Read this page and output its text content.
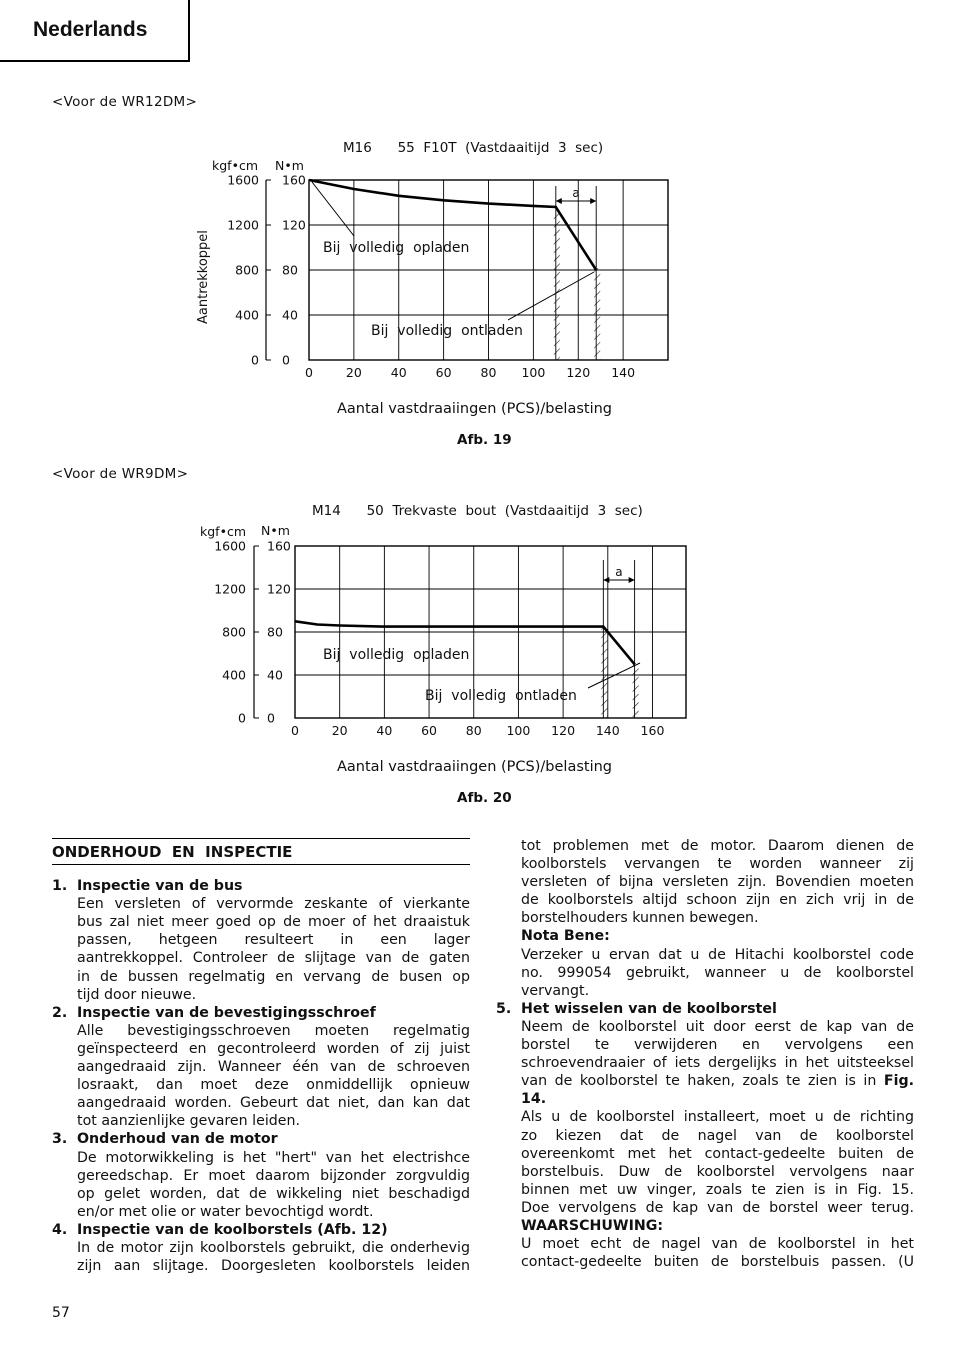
Nederlands
<Voor de WR12DM>
M16      55  F10T  (Vastdaaitijd  3  sec)
kgf•cm N•m
Aantrekkoppel
0
0
40
400
80
800
120
1200
160
1600
0	20 40 60 80 100 120 140
Bij  volledig  opladen
Bij  volledig  ontladen
a
Aantal vastdraaiingen (PCS)/belasting
Afb. 19
<Voor de WR9DM>
M14      50  Trekvaste  bout  (Vastdaaitijd  3  sec)
kgf•cm N•m
0
0
40
400
80
800
120
1200
160
1600
0	20 40 60 80 100 120 140 160
Bij  volledig  opladen
Bij  volledig  ontladen
a
Aantal vastdraaiingen (PCS)/belasting
Afb. 20
ONDERHOUD  EN  INSPECTIE
1. Inspectie van de bus
Een versleten of vervormde zeskante of vierkante
bus zal niet meer goed op de moer of het draaistuk
passen, hetgeen resulteert in een lager
aantrekkoppel. Controleer de slijtage van de gaten
in de bussen regelmatig en vervang de busen op
tijd door nieuwe.
2. Inspectie van de bevestigingsschroef
Alle bevestigingsschroeven moeten regelmatig
geïnspecteerd en gecontroleerd worden of zij juist
aangedraaid zijn. Wanneer één van de schroeven
losraakt, dan moet deze onmiddellijk opnieuw
aangedraaid worden. Gebeurt dat niet, dan kan dat
tot aanzienlijke gevaren leiden.
3. Onderhoud van de motor
De motorwikkeling is het "hert" van het electrishce
gereedschap. Er moet daarom bijzonder zorgvuldig
op gelet worden, dat de wikkeling niet beschadigd
en/or met olie or water bevochtigd wordt.
4. Inspectie van de koolborstels (Afb. 12)
In de motor zijn koolborstels gebruikt, die onderhevig
zijn aan slijtage. Doorgesleten koolborstels leiden
tot problemen met de motor. Daarom dienen de
koolborstels vervangen te worden wanneer zij
versleten of bijna versleten zijn. Bovendien moeten
de koolborstels altijd schoon zijn en zich vrij in de
borstelhouders kunnen bewegen.
Nota Bene:
Verzeker u ervan dat u de Hitachi koolborstel code
no. 999054 gebruikt, wanneer u de koolborstel
vervangt.
5. Het wisselen van de koolborstel
Neem de koolborstel uit door eerst de kap van de
borstel te verwijderen en vervolgens een
schroevendraaier of iets dergelijks in het uitsteeksel
van de koolborstel te haken, zoals te zien is in Fig.
14.
Als u de koolborstel installeert, moet u de richting
zo kiezen dat de nagel van de koolborstel
overeenkomt met het contact-gedeelte buiten de
borstelbuis. Duw de koolborstel vervolgens naar
binnen met uw vinger, zoals te zien is in Fig. 15.
Doe vervolgens de kap van de borstel weer terug.
WAARSCHUWING:
U moet echt de nagel van de koolborstel in het
contact-gedeelte buiten de borstelbuis passen. (U
57
